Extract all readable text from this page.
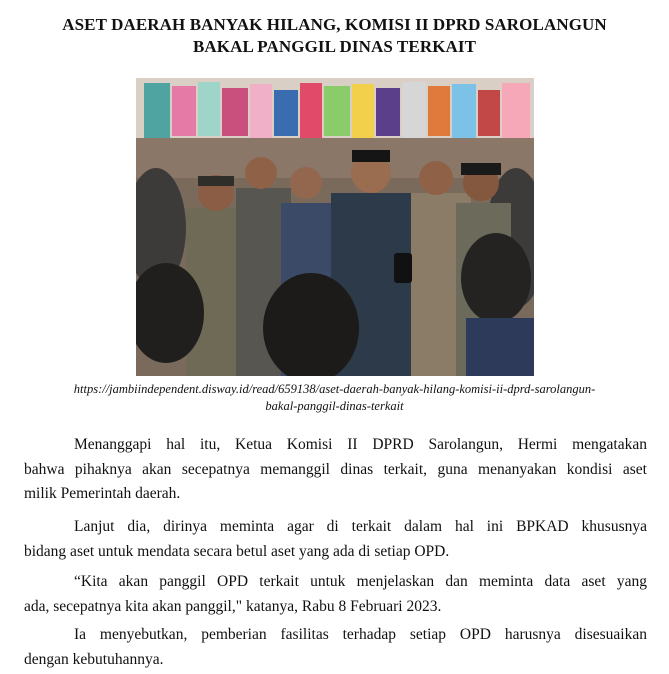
ASET DAERAH BANYAK HILANG, KOMISI II DPRD SAROLANGUN
BAKAL PANGGIL DINAS TERKAIT
https://jambiindependent.disway.id/read/659138/aset-daerah-banyak-hilang-komisi-ii-dprd-sarolangun-
bakal-panggil-dinas-terkait
Menanggapi hal itu, Ketua Komisi II DPRD Sarolangun, Hermi mengatakan
bahwa pihaknya akan secepatnya memanggil dinas terkait, guna menanyakan kondisi aset
milik Pemerintah daerah.
Lanjut dia, dirinya meminta agar di terkait dalam hal ini BPKAD khususnya
bidang aset untuk mendata secara betul aset yang ada di setiap OPD.
“Kita akan panggil OPD terkait untuk menjelaskan dan meminta data aset yang
ada, secepatnya kita akan panggil," katanya, Rabu 8 Februari 2023.
Ia menyebutkan, pemberian fasilitas terhadap setiap OPD harusnya disesuaikan
dengan kebutuhannya.
